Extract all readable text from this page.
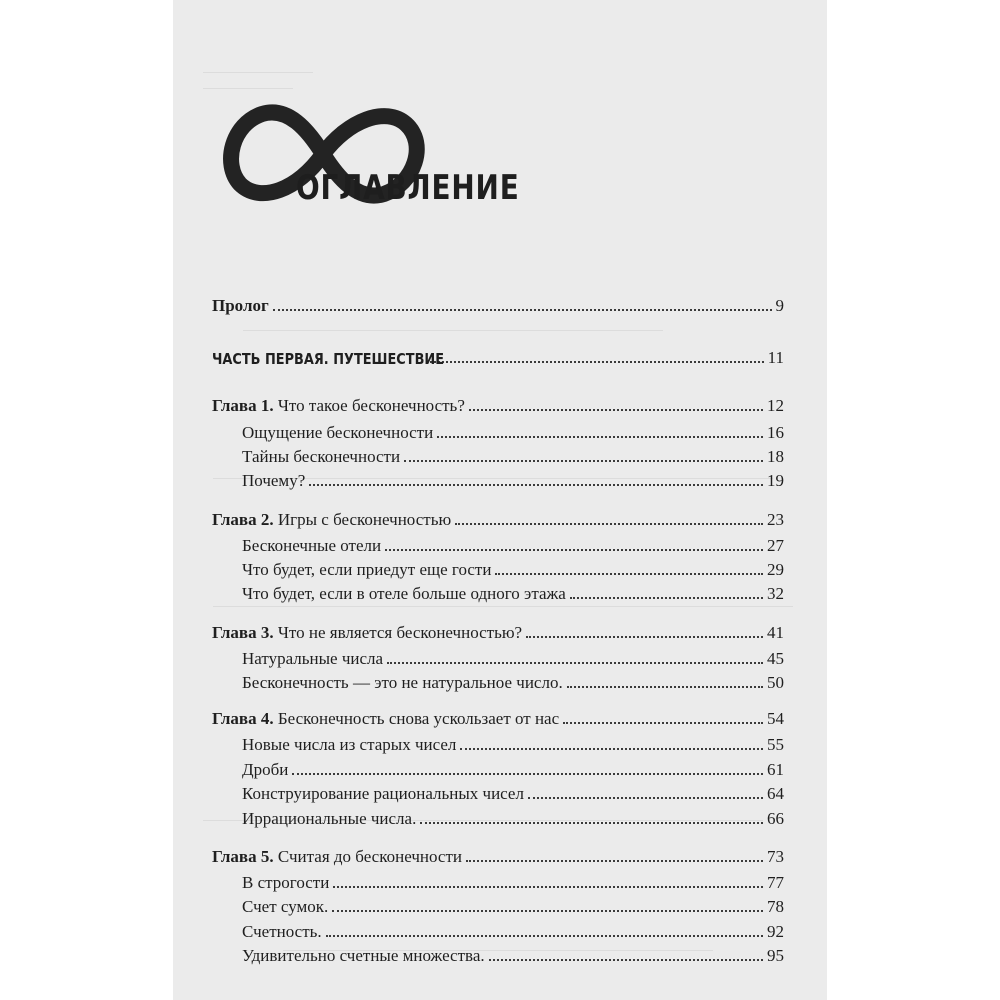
ОГЛАВЛЕНИЕ
Пролог	9
ЧАСТЬ ПЕРВАЯ. ПУТЕШЕСТВИЕ	11
Глава 1. Что такое бесконечность?	12
Ощущение бесконечности	16
Тайны бесконечности	18
Почему?	19
Глава 2. Игры с бесконечностью	23
Бесконечные отели	27
Что будет, если приедут еще гости	29
Что будет, если в отеле больше одного этажа	32
Глава 3. Что не является бесконечностью?	41
Натуральные числа	45
Бесконечность — это не натуральное число.	50
Глава 4. Бесконечность снова ускользает от нас	54
Новые числа из старых чисел	55
Дроби	61
Конструирование рациональных чисел	64
Иррациональные числа.	66
Глава 5. Считая до бесконечности	73
В строгости	77
Счет сумок.	78
Счетность.	92
Удивительно счетные множества.	95
